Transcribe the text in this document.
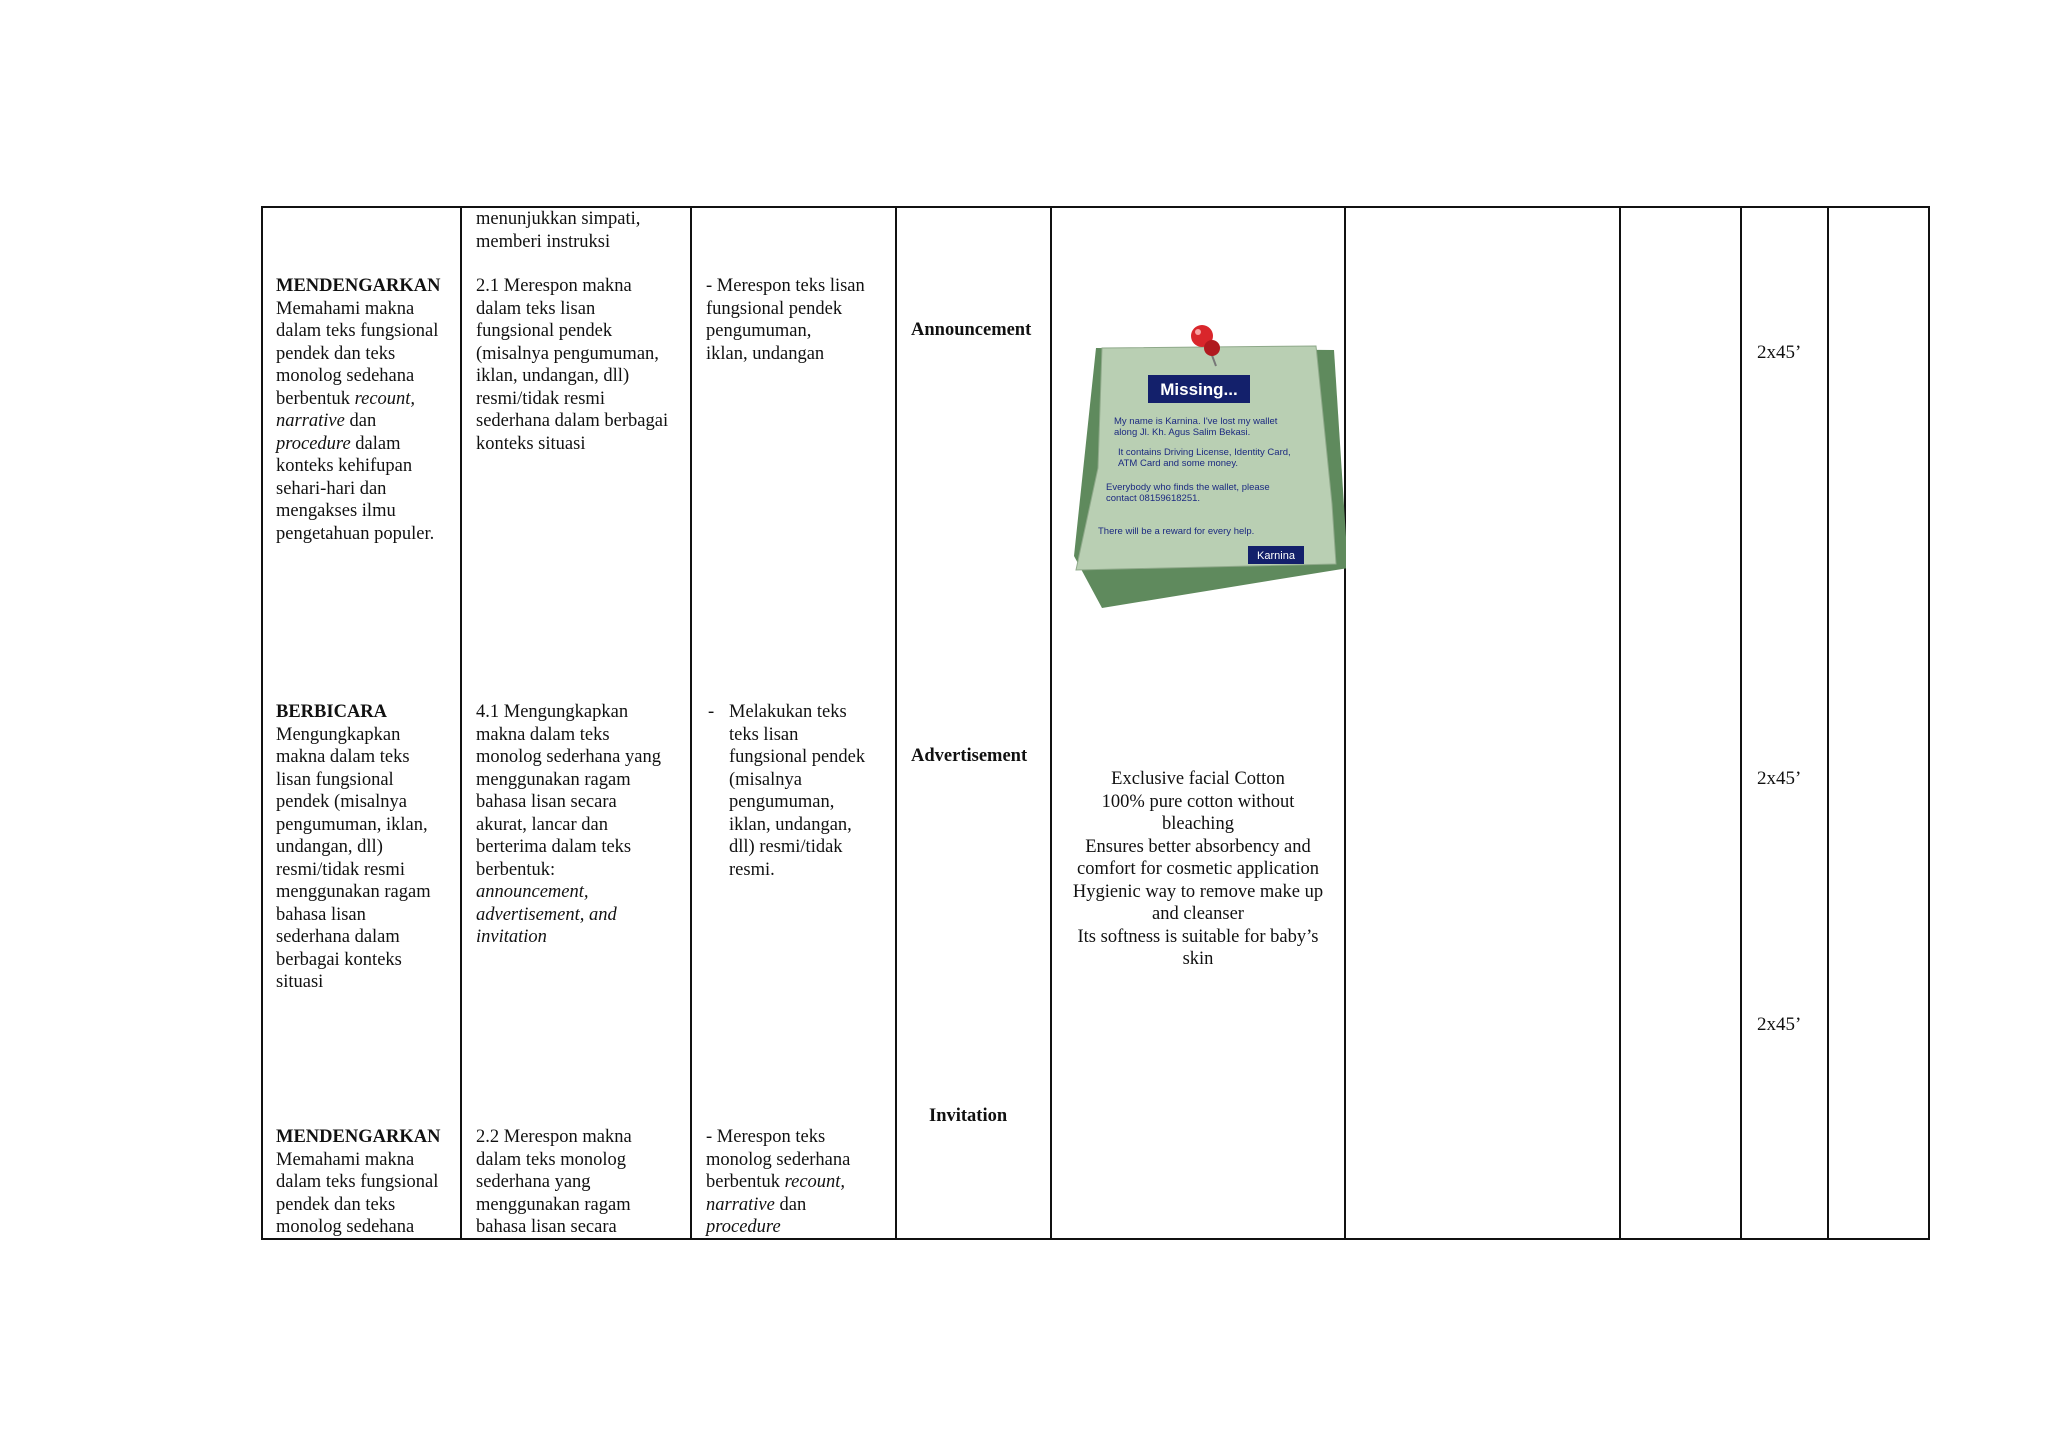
MENDENGARKAN
Memahami makna
dalam teks fungsional
pendek dan teks
monolog sedehana
berbentuk recount,
narrative dan
procedure dalam
konteks kehifupan
sehari-hari dan
mengakses ilmu
pengetahuan populer.
BERBICARA
Mengungkapkan
makna dalam teks
lisan fungsional
pendek (misalnya
pengumuman, iklan,
undangan, dll)
resmi/tidak resmi
menggunakan ragam
bahasa lisan
sederhana dalam
berbagai konteks
situasi
MENDENGARKAN
Memahami makna
dalam teks fungsional
pendek dan teks
monolog sedehana
menunjukkan simpati,
memberi instruksi
2.1 Merespon makna
dalam teks lisan
fungsional pendek
(misalnya pengumuman,
iklan, undangan, dll)
resmi/tidak resmi
sederhana dalam berbagai
konteks situasi
4.1 Mengungkapkan
makna dalam teks
monolog sederhana yang
menggunakan ragam
bahasa lisan secara
akurat, lancar dan
berterima dalam teks
berbentuk:
announcement,
advertisement, and
invitation
2.2 Merespon makna
dalam teks monolog
sederhana yang
menggunakan ragam
bahasa lisan secara
- Merespon teks lisan
fungsional pendek
pengumuman,
iklan, undangan
- Melakukan teks
teks lisan
fungsional pendek
(misalnya
pengumuman,
iklan, undangan,
dll) resmi/tidak
resmi.
- Merespon teks
monolog sederhana
berbentuk recount,
narrative dan
procedure
Announcement
Advertisement
Invitation
Missing...
My name is Karnina. I've lost my wallet along Jl. Kh. Agus Salim Bekasi. It contains Driving License, Identity Card, ATM Card and some money. Everybody who finds the wallet, please contact 08159618251. There will be a reward for every help.
Karnina
Exclusive facial Cotton
100% pure cotton without
bleaching
Ensures better absorbency and
comfort for cosmetic application
Hygienic way to remove make up
and cleanser
Its softness is suitable for baby’s
skin
2x45’
2x45’
2x45’
